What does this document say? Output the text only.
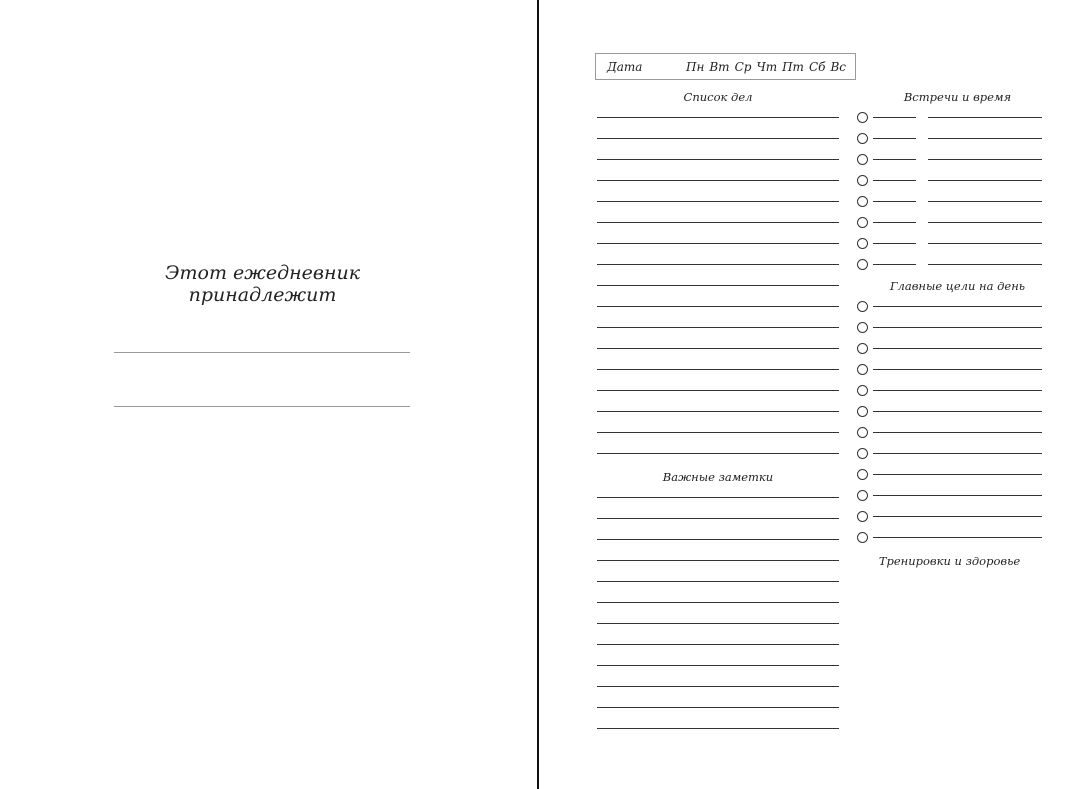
Этот ежедневник принадлежит
Дата	Пн Вт Ср Чт Пт Сб Вс
Список дел	Встречи и время
Главные цели на день
Важные заметки
Тренировки и здоровье
